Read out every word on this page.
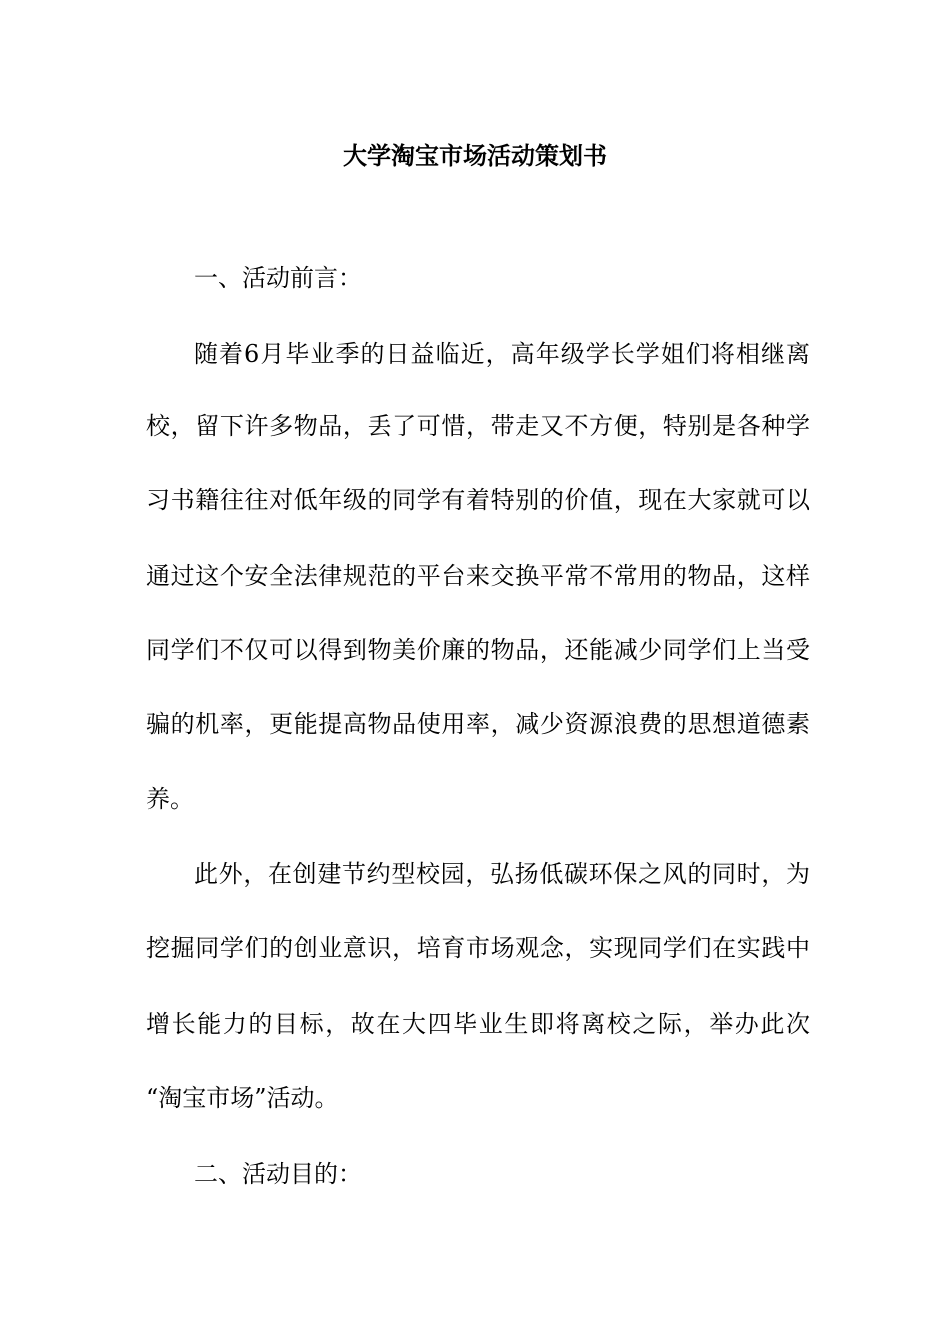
大学淘宝市场活动策划书

一、活动前言：

随着6月毕业季的日益临近，高年级学长学姐们将相继离

校，留下许多物品，丢了可惜，带走又不方便，特别是各种学

习书籍往往对低年级的同学有着特别的价值，现在大家就可以

通过这个安全法律规范的平台来交换平常不常用的物品，这样

同学们不仅可以得到物美价廉的物品，还能减少同学们上当受

骗的机率，更能提高物品使用率，减少资源浪费的思想道德素

养。

此外，在创建节约型校园，弘扬低碳环保之风的同时，为

挖掘同学们的创业意识，培育市场观念，实现同学们在实践中

增长能力的目标，故在大四毕业生即将离校之际，举办此次

“淘宝市场”活动。

二、活动目的：
